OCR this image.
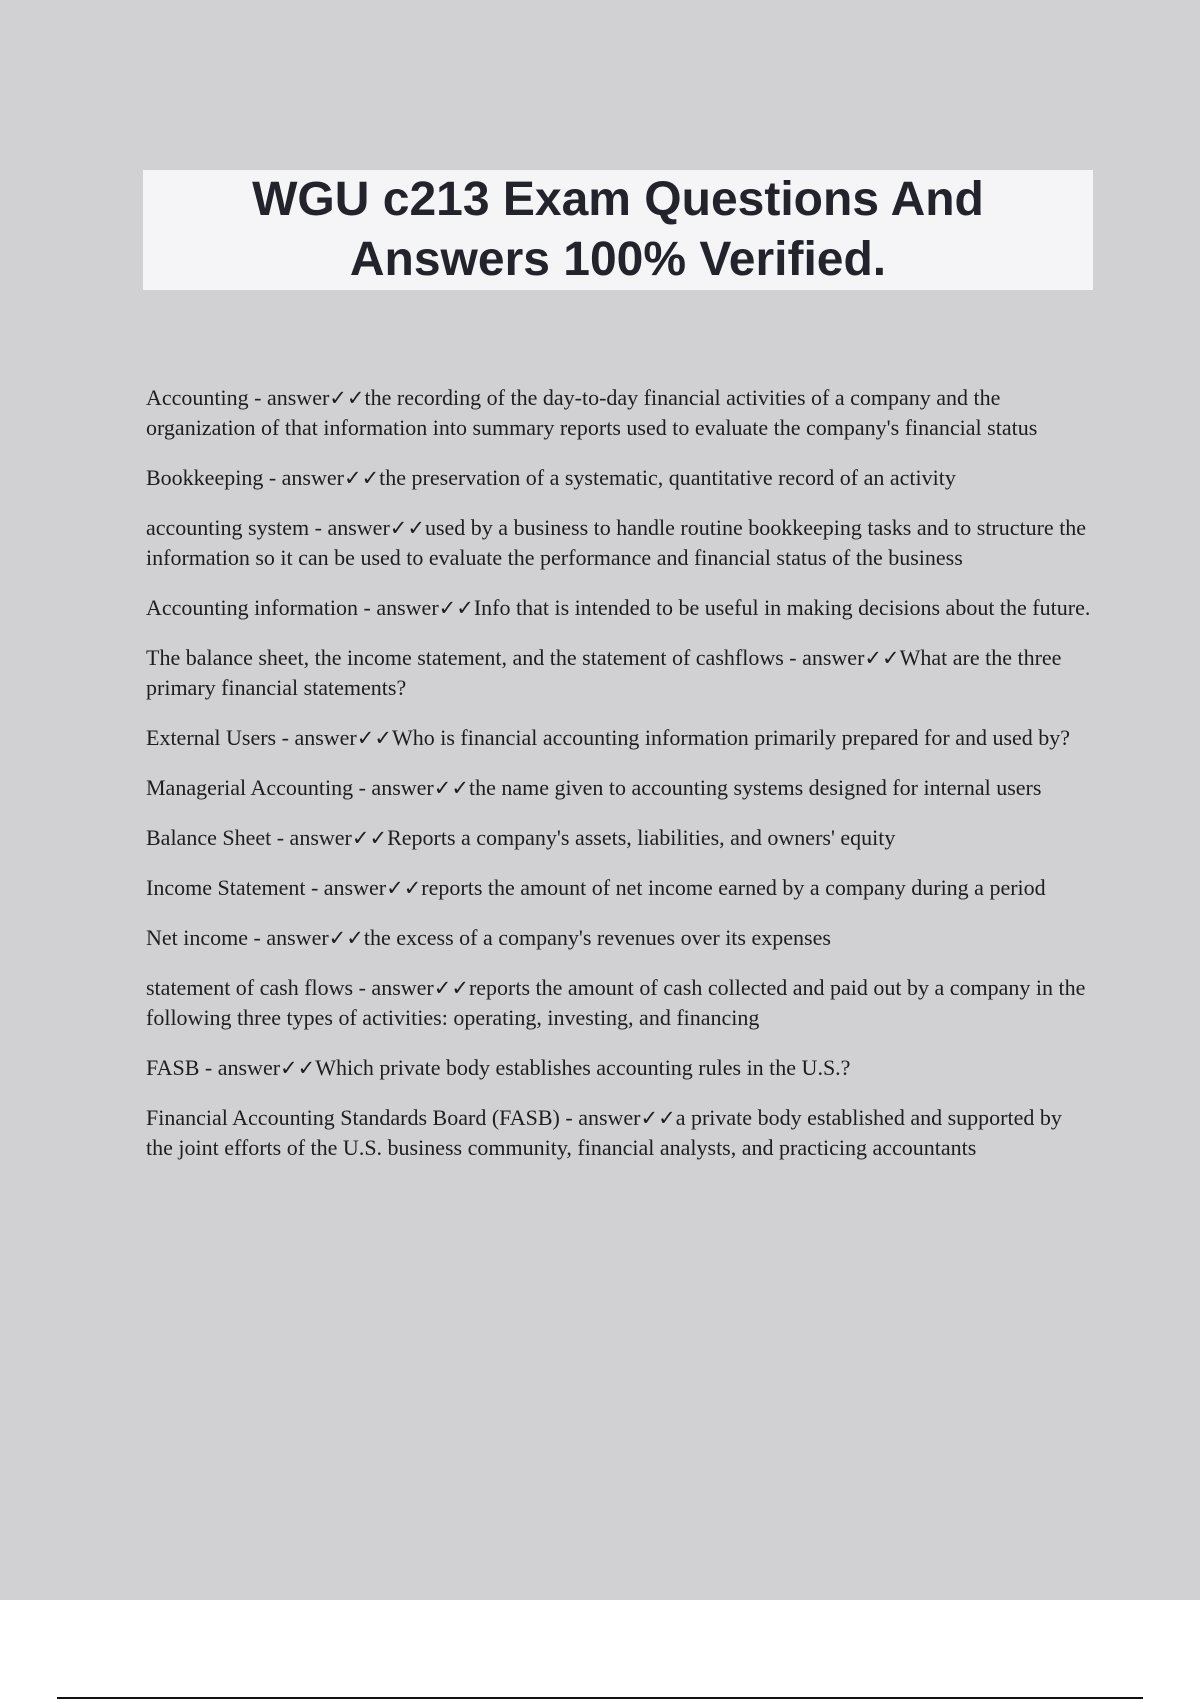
WGU c213 Exam Questions And Answers 100% Verified.
Accounting - answer✓✓the recording of the day-to-day financial activities of a company and the organization of that information into summary reports used to evaluate the company's financial status
Bookkeeping - answer✓✓the preservation of a systematic, quantitative record of an activity
accounting system - answer✓✓used by a business to handle routine bookkeeping tasks and to structure the information so it can be used to evaluate the performance and financial status of the business
Accounting information - answer✓✓Info that is intended to be useful in making decisions about the future.
The balance sheet, the income statement, and the statement of cashflows - answer✓✓What are the three primary financial statements?
External Users - answer✓✓Who is financial accounting information primarily prepared for and used by?
Managerial Accounting - answer✓✓the name given to accounting systems designed for internal users
Balance Sheet - answer✓✓Reports a company's assets, liabilities, and owners' equity
Income Statement - answer✓✓reports the amount of net income earned by a company during a period
Net income - answer✓✓the excess of a company's revenues over its expenses
statement of cash flows - answer✓✓reports the amount of cash collected and paid out by a company in the following three types of activities: operating, investing, and financing
FASB - answer✓✓Which private body establishes accounting rules in the U.S.?
Financial Accounting Standards Board (FASB) - answer✓✓a private body established and supported by the joint efforts of the U.S. business community, financial analysts, and practicing accountants
